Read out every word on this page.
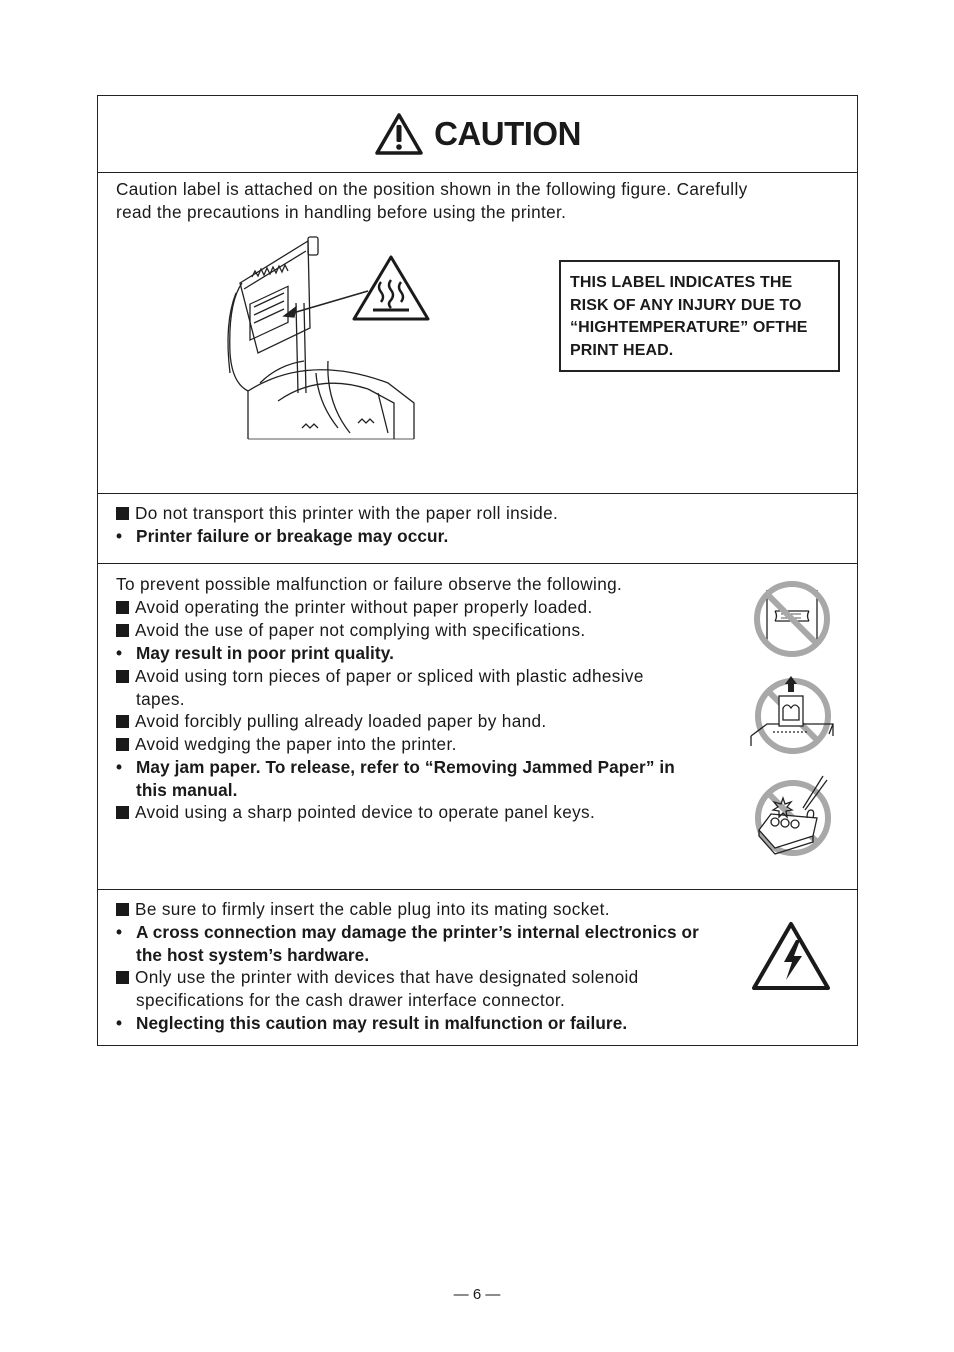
CAUTION
Caution label is attached on the position shown in the following figure. Carefully
read the precautions in handling before using the printer.
THIS LABEL INDICATES THE
RISK OF ANY INJURY DUE TO
“HIGHTEMPERATURE” OFTHE
PRINT HEAD.
Do not transport this printer with the paper roll inside.
• Printer failure or breakage may occur.
To prevent possible malfunction or failure observe the following.
Avoid operating the printer without paper properly loaded.
Avoid the use of paper not complying with specifications.
• May result in poor print quality.
Avoid using torn pieces of paper or spliced with plastic adhesive
tapes.
Avoid forcibly pulling already loaded paper by hand.
Avoid wedging the paper into the printer.
• May jam paper. To release, refer to “Removing Jammed Paper” in
this manual.
Avoid using a sharp pointed device to operate panel keys.
Be sure to firmly insert the cable plug into its mating socket.
• A cross connection may damage the printer’s internal electronics or
the host system’s hardware.
Only use the printer with devices that have designated solenoid
specifications for the cash drawer interface connector.
• Neglecting this caution may result in malfunction or failure.
— 6 —
